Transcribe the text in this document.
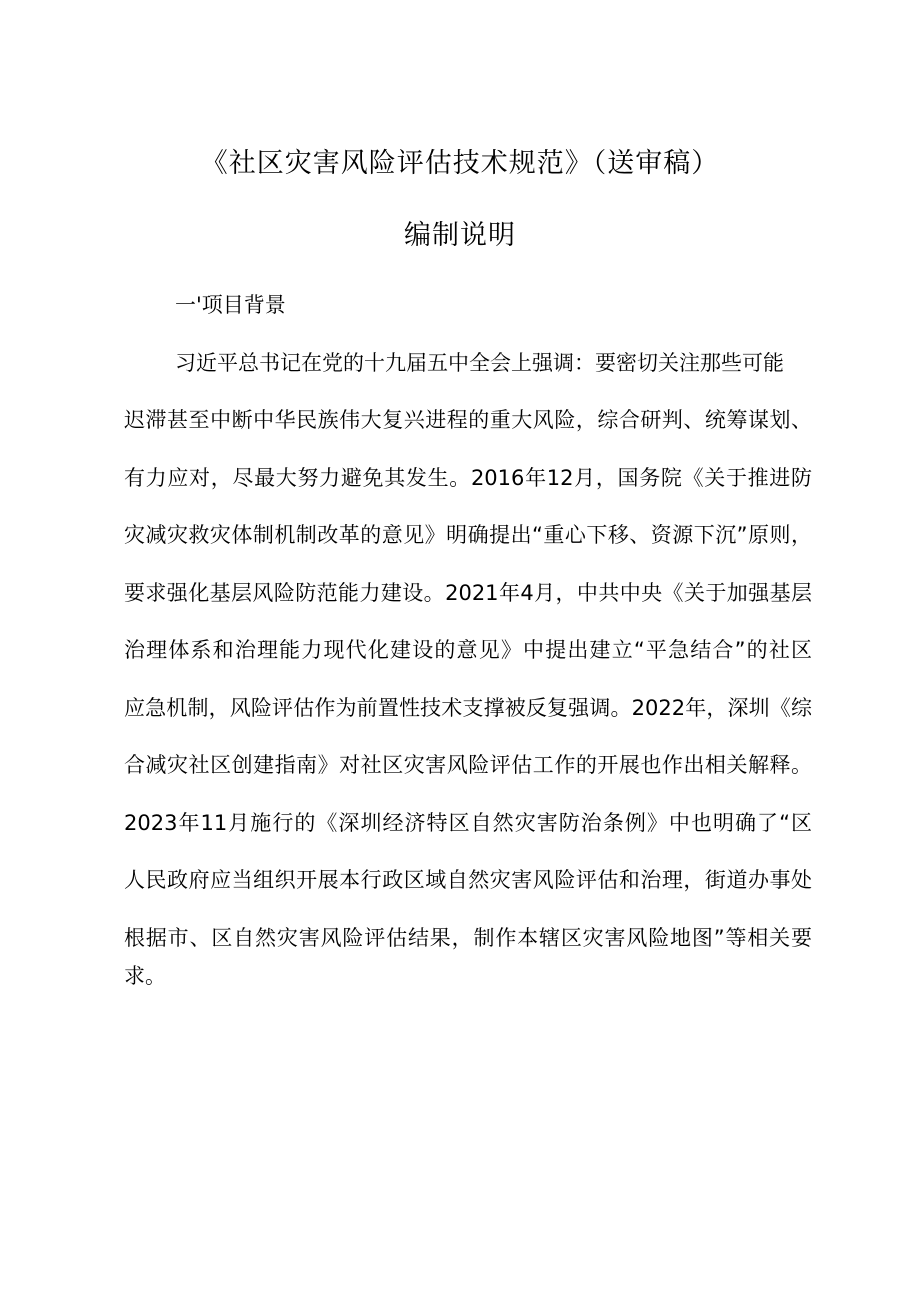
《社区灾害风险评估技术规范》（送审稿）
编制说明
一'项目背景

习近平总书记在党的十九届五中全会上强调：要密切关注那些可能

迟滞甚至中断中华民族伟大复兴进程的重大风险，综合研判、统筹谋划、

有力应对，尽最大努力避免其发生。2016年12月，国务院《关于推进防

灾减灾救灾体制机制改革的意见》明确提出“重心下移、资源下沉”原则，

要求强化基层风险防范能力建设。2021年4月，中共中央《关于加强基层

治理体系和治理能力现代化建设的意见》中提出建立“平急结合”的社区

应急机制，风险评估作为前置性技术支撑被反复强调。2022年，深圳《综

合减灾社区创建指南》对社区灾害风险评估工作的开展也作出相关解释。

2023年11月施行的《深圳经济特区自然灾害防治条例》中也明确了“区

人民政府应当组织开展本行政区域自然灾害风险评估和治理，街道办事处

根据市、区自然灾害风险评估结果，制作本辖区灾害风险地图”等相关要

求。
